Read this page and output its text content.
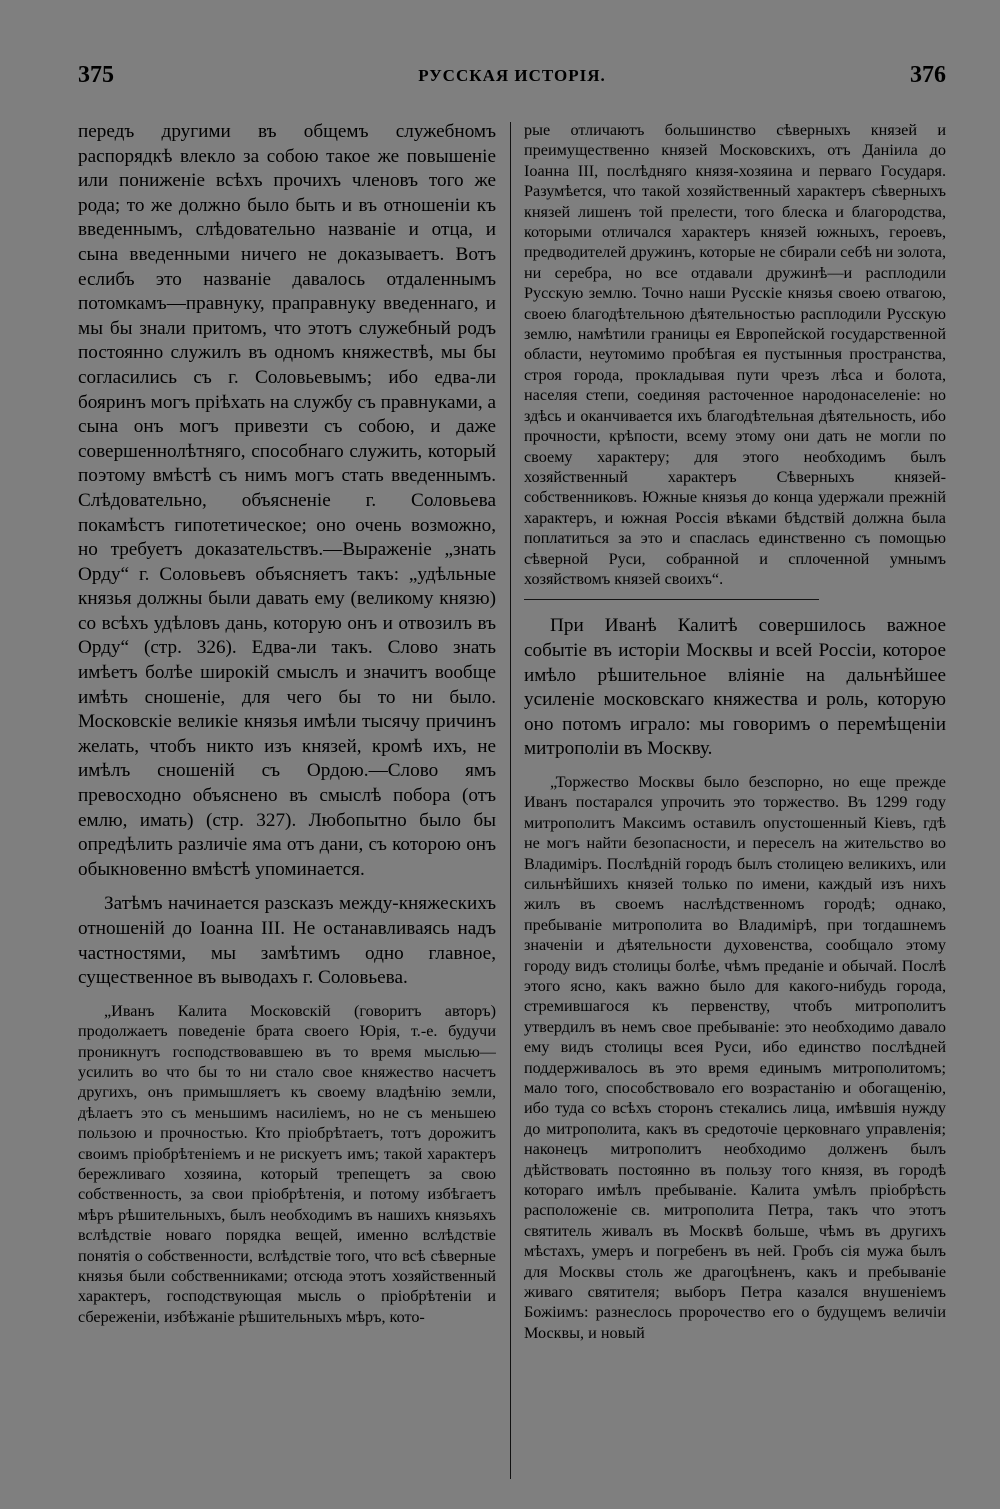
375	РУССКАЯ ИСТОРІЯ.	376

передъ другими въ общемъ служебномъ распорядкѣ влекло за собою такое же повышеніе или пониженіе всѣхъ прочихъ членовъ того же рода; то же должно было быть и въ отношеніи къ введеннымъ, слѣдовательно названіе и отца, и сына введенными ничего не доказываетъ. Вотъ еслибъ это названіе давалось отдаленнымъ потомкамъ—правнуку, праправнуку введеннаго, и мы бы знали притомъ, что этотъ служебный родъ постоянно служилъ въ одномъ княжествѣ, мы бы согласились съ г. Соловьевымъ; ибо едва-ли бояринъ могъ пріѣхать на службу съ правнуками, а сына онъ могъ привезти съ собою, и даже совершеннолѣтняго, способнаго служить, который поэтому вмѣстѣ съ нимъ могъ стать введеннымъ. Слѣдовательно, объясненіе г. Соловьева покамѣстъ гипотетическое; оно очень возможно, но требуетъ доказательствъ.—Выраженіе „знать Орду“ г. Соловьевъ объясняетъ такъ: „удѣльные князья должны были давать ему (великому князю) со всѣхъ удѣловъ дань, которую онъ и отвозилъ въ Орду“ (стр. 326). Едва-ли такъ. Слово знать имѣетъ болѣе широкій смыслъ и значитъ вообще имѣть сношеніе, для чего бы то ни было. Московскіе великіе князья имѣли тысячу причинъ желать, чтобъ никто изъ князей, кромѣ ихъ, не имѣлъ сношеній съ Ордою.—Слово ямъ превосходно объяснено въ смыслѣ побора (отъ емлю, имать) (стр. 327). Любопытно было бы опредѣлить различіе яма отъ дани, съ которою онъ обыкновенно вмѣстѣ упоминается.

Затѣмъ начинается разсказъ между-княжескихъ отношеній до Іоанна III. Не останавливаясь надъ частностями, мы замѣтимъ одно главное, существенное въ выводахъ г. Соловьева.

„Иванъ Калита Московскій (говоритъ авторъ) продолжаетъ поведеніе брата своего Юрія, т.-е. будучи проникнутъ господствовавшею въ то время мыслью—усилить во что бы то ни стало свое княжество насчетъ другихъ, онъ примышляетъ къ своему владѣнію земли, дѣлаетъ это съ меньшимъ насиліемъ, но не съ меньшею пользою и прочностью. Кто пріобрѣтаетъ, тотъ дорожитъ своимъ пріобрѣтеніемъ и не рискуетъ имъ; такой характеръ бережливаго хозяина, который трепещетъ за свою собственность, за свои пріобрѣтенія, и потому избѣгаетъ мѣръ рѣшительныхъ, былъ необходимъ въ нашихъ князьяхъ вслѣдствіе новаго порядка вещей, именно вслѣдствіе понятія о собственности, вслѣдствіе того, что всѣ сѣверные князья были собственниками; отсюда этотъ хозяйственный характеръ, господствующая мысль о пріобрѣтеніи и сбереженіи, избѣжаніе рѣшительныхъ мѣръ, кото-

рые отличаютъ большинство сѣверныхъ князей и преимущественно князей Московскихъ, отъ Даніила до Іоанна III, послѣдняго князя-хозяина и перваго Государя. Разумѣется, что такой хозяйственный характеръ сѣверныхъ князей лишенъ той прелести, того блеска и благородства, которыми отличался характеръ князей южныхъ, героевъ, предводителей дружинъ, которые не сбирали себѣ ни золота, ни серебра, но все отдавали дружинѣ—и расплодили Русскую землю. Точно наши Русскіе князья своею отвагою, своею благодѣтельною дѣятельностью расплодили Русскую землю, намѣтили границы ея Европейской государственной области, неутомимо пробѣгая ея пустынныя пространства, строя города, прокладывая пути чрезъ лѣса и болота, населяя степи, соединяя расточенное народонаселеніе: но здѣсь и оканчивается ихъ благодѣтельная дѣятельность, ибо прочности, крѣпости, всему этому они дать не могли по своему характеру; для этого необходимъ былъ хозяйственный характеръ Сѣверныхъ князей-собственниковъ. Южные князья до конца удержали прежній характеръ, и южная Россія вѣками бѣдствій должна была поплатиться за это и спаслась единственно съ помощью сѣверной Руси, собранной и сплоченной умнымъ хозяйствомъ князей своихъ“.

При Иванѣ Калитѣ совершилось важное событіе въ исторіи Москвы и всей Россіи, которое имѣло рѣшительное вліяніе на дальнѣйшее усиленіе московскаго княжества и роль, которую оно потомъ играло: мы говоримъ о перемѣщеніи митрополіи въ Москву.

„Торжество Москвы было безспорно, но еще прежде Иванъ постарался упрочить это торжество. Въ 1299 году митрополитъ Максимъ оставилъ опустошенный Кіевъ, гдѣ не могъ найти безопасности, и переселъ на жительство во Владиміръ. Послѣдній городъ былъ столицею великихъ, или сильнѣйшихъ князей только по имени, каждый изъ нихъ жилъ въ своемъ наслѣдственномъ городѣ; однако, пребываніе митрополита во Владимірѣ, при тогдашнемъ значеніи и дѣятельности духовенства, сообщало этому городу видъ столицы болѣе, чѣмъ преданіе и обычай. Послѣ этого ясно, какъ важно было для какого-нибудь города, стремившагося къ первенству, чтобъ митрополитъ утвердилъ въ немъ свое пребываніе: это необходимо давало ему видъ столицы всея Руси, ибо единство послѣдней поддерживалось въ это время единымъ митрополитомъ; мало того, способствовало его возрастанію и обогащенію, ибо туда со всѣхъ сторонъ стекались лица, имѣвшія нужду до митрополита, какъ въ средоточіе церковнаго управленія; наконецъ митрополитъ необходимо долженъ былъ дѣйствовать постоянно въ пользу того князя, въ городѣ котораго имѣлъ пребываніе. Калита умѣлъ пріобрѣсть расположеніе св. митрополита Петра, такъ что этотъ святитель живалъ въ Москвѣ больше, чѣмъ въ другихъ мѣстахъ, умеръ и погребенъ въ ней. Гробъ сія мужа былъ для Москвы столь же драгоцѣненъ, какъ и пребываніе живаго святителя; выборъ Петра казался внушеніемъ Божіимъ: разнеслось пророчество его о будущемъ величіи Москвы, и новый
